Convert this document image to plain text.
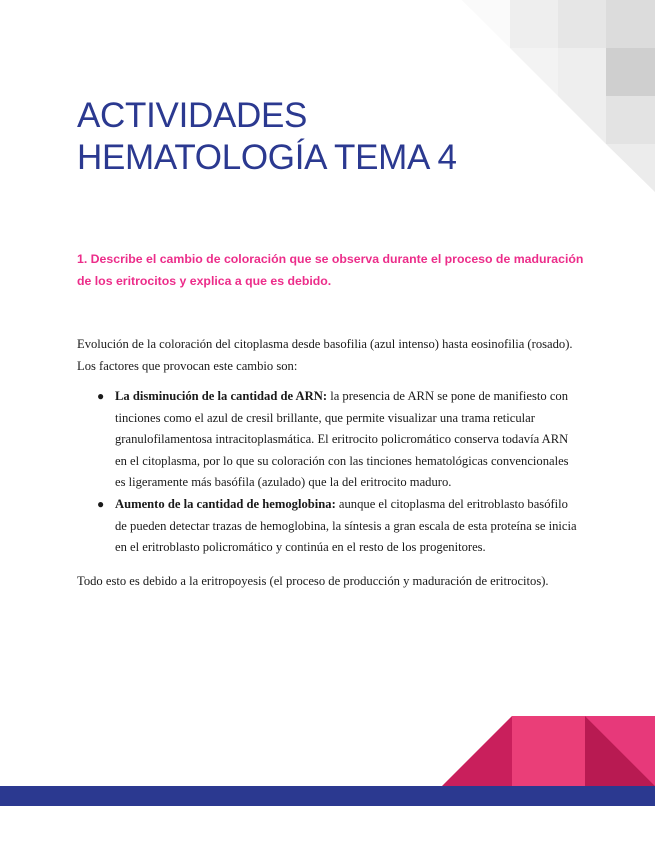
ACTIVIDADES
HEMATOLOGÍA TEMA 4

1. Describe el cambio de coloración que se observa durante el proceso de maduración de los eritrocitos y explica a que es debido.

Evolución de la coloración del citoplasma desde basofilia (azul intenso) hasta eosinofilia (rosado). Los factores que provocan este cambio son:

● La disminución de la cantidad de ARN: la presencia de ARN se pone de manifiesto con tinciones como el azul de cresil brillante, que permite visualizar una trama reticular granulofilamentosa intracitoplasmática. El eritrocito policromático conserva todavía ARN en el citoplasma, por lo que su coloración con las tinciones hematológicas convencionales es ligeramente más basófila (azulado) que la del eritrocito maduro.
● Aumento de la cantidad de hemoglobina: aunque el citoplasma del eritroblasto basófilo de pueden detectar trazas de hemoglobina, la síntesis a gran escala de esta proteína se inicia en el eritroblasto policromático y continúa en el resto de los progenitores.

Todo esto es debido a la eritropoyesis (el proceso de producción y maduración de eritrocitos).
